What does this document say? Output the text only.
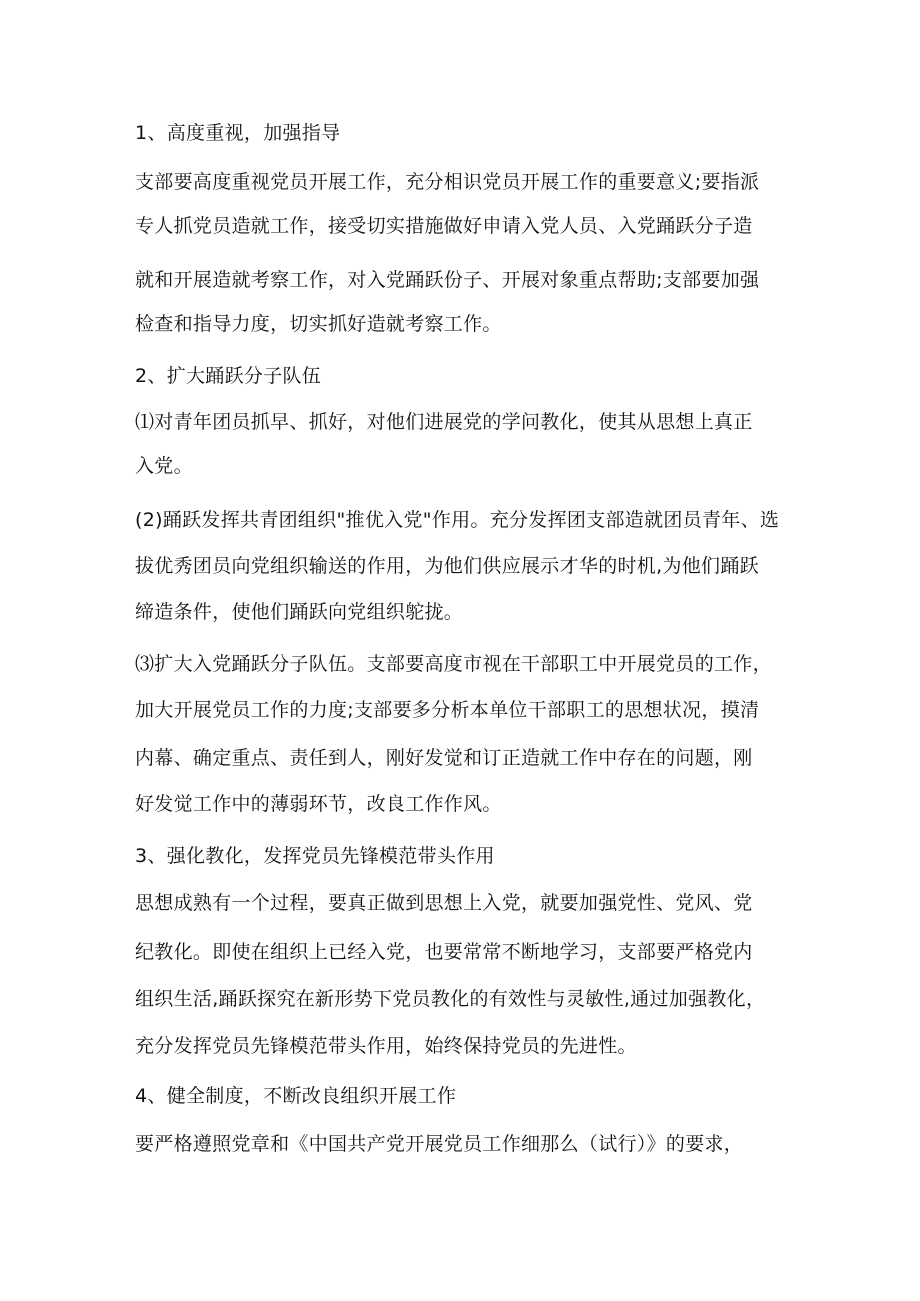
1、高度重视，加强指导
支部要高度重视党员开展工作，充分相识党员开展工作的重要意义;要指派
专人抓党员造就工作，接受切实措施做好申请入党人员、入党踊跃分子造
就和开展造就考察工作，对入党踊跃份子、开展对象重点帮助;支部要加强
检查和指导力度，切实抓好造就考察工作。
2、扩大踊跃分子队伍
⑴对青年团员抓早、抓好，对他们进展党的学问教化，使其从思想上真正
入党。
(2)踊跃发挥共青团组织"推优入党"作用。充分发挥团支部造就团员青年、选
拔优秀团员向党组织输送的作用，为他们供应展示才华的时机,为他们踊跃
缔造条件，使他们踊跃向党组织鸵拢。
⑶扩大入党踊跃分子队伍。支部要高度市视在干部职工中开展党员的工作，
加大开展党员工作的力度;支部要多分析本单位干部职工的思想状况，摸清
内幕、确定重点、责任到人，刚好发觉和订正造就工作中存在的问题，刚
好发觉工作中的薄弱环节，改良工作作风。
3、强化教化，发挥党员先锋模范带头作用
思想成熟有一个过程，要真正做到思想上入党，就要加强党性、党风、党
纪教化。即使在组织上已经入党，也要常常不断地学习，支部要严格党内
组织生活,踊跃探究在新形势下党员教化的有效性与灵敏性,通过加强教化，
充分发挥党员先锋模范带头作用，始终保持党员的先进性。
4、健全制度，不断改良组织开展工作
要严格遵照党章和《中国共产党开展党员工作细那么（试行）》的要求，
